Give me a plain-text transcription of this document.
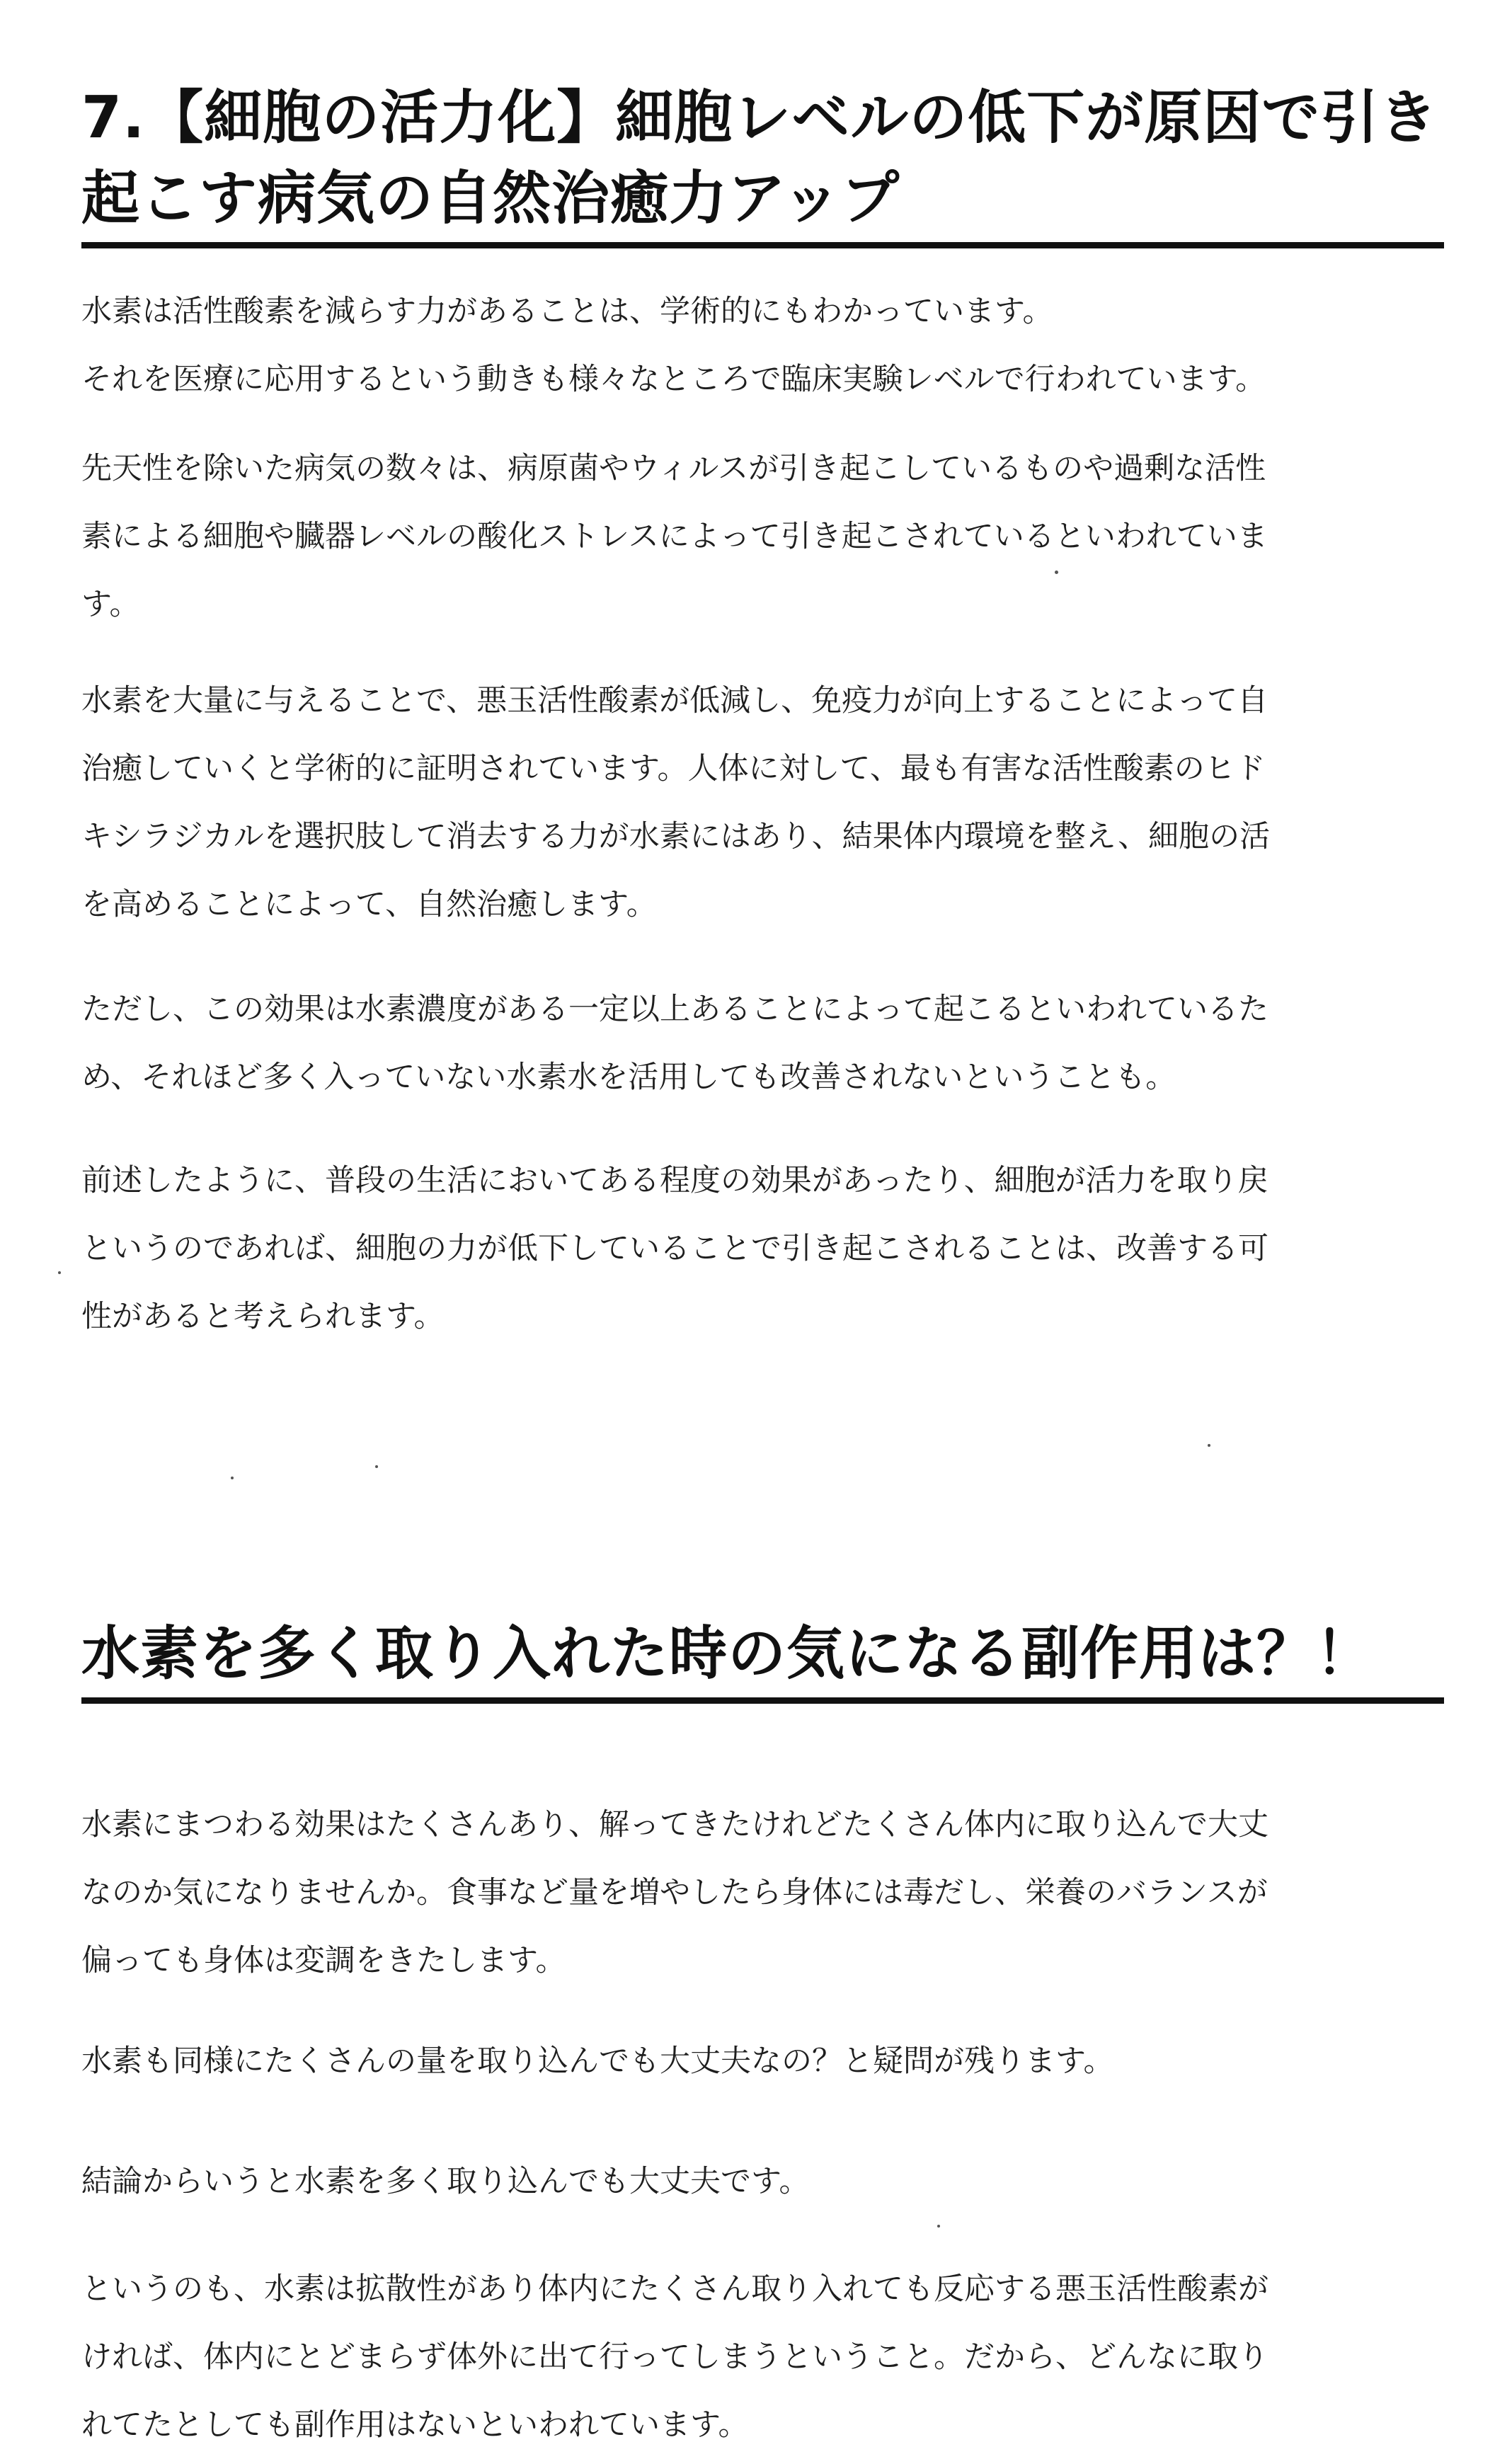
7.【細胞の活力化】細胞レベルの低下が原因で引き
起こす病気の自然治癒力アップ
水素は活性酸素を減らす力があることは、学術的にもわかっています。
それを医療に応用するという動きも様々なところで臨床実験レベルで行われています。
先天性を除いた病気の数々は、病原菌やウィルスが引き起こしているものや過剰な活性
素による細胞や臓器レベルの酸化ストレスによって引き起こされているといわれていま
す。
水素を大量に与えることで、悪玉活性酸素が低減し、免疫力が向上することによって自
治癒していくと学術的に証明されています。人体に対して、最も有害な活性酸素のヒド
キシラジカルを選択肢して消去する力が水素にはあり、結果体内環境を整え、細胞の活
を高めることによって、自然治癒します。
ただし、この効果は水素濃度がある一定以上あることによって起こるといわれているた
め、それほど多く入っていない水素水を活用しても改善されないということも。
前述したように、普段の生活においてある程度の効果があったり、細胞が活力を取り戻
というのであれば、細胞の力が低下していることで引き起こされることは、改善する可
性があると考えられます。
水素を多く取り入れた時の気になる副作用は？！
水素にまつわる効果はたくさんあり、解ってきたけれどたくさん体内に取り込んで大丈
なのか気になりませんか。食事など量を増やしたら身体には毒だし、栄養のバランスが
偏っても身体は変調をきたします。
水素も同様にたくさんの量を取り込んでも大丈夫なの？と疑問が残ります。
結論からいうと水素を多く取り込んでも大丈夫です。
というのも、水素は拡散性があり体内にたくさん取り入れても反応する悪玉活性酸素が
ければ、体内にとどまらず体外に出て行ってしまうということ。だから、どんなに取り
れてたとしても副作用はないといわれています。
